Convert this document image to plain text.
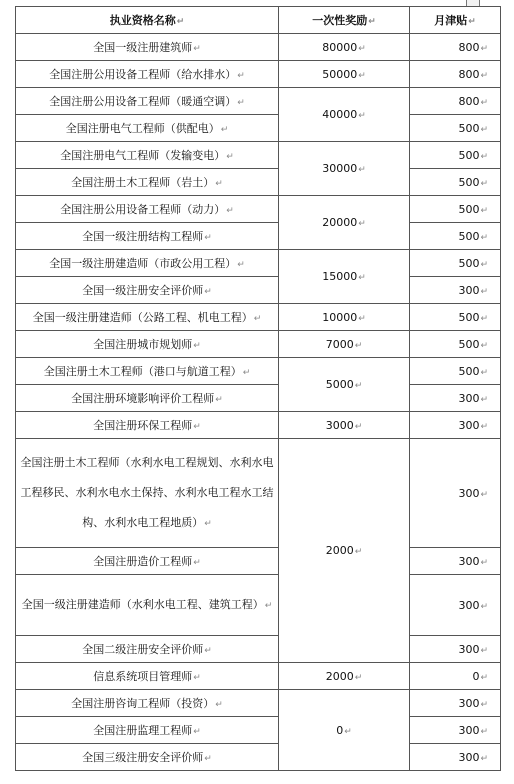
执业资格名称↵	一次性奖励↵	月津贴↵
全国一级注册建筑师↵	80000↵	800↵
全国注册公用设备工程师（给水排水）↵	50000↵	800↵
全国注册公用设备工程师（暖通空调）↵	40000↵	800↵
全国注册电气工程师（供配电）↵		500↵
全国注册电气工程师（发输变电）↵	30000↵	500↵
全国注册土木工程师（岩土）↵		500↵
全国注册公用设备工程师（动力）↵	20000↵	500↵
全国一级注册结构工程师↵		500↵
全国一级注册建造师（市政公用工程）↵	15000↵	500↵
全国一级注册安全评价师↵		300↵
全国一级注册建造师（公路工程、机电工程）↵	10000↵	500↵
全国注册城市规划师↵	7000↵	500↵
全国注册土木工程师（港口与航道工程）↵	5000↵	500↵
全国注册环境影响评价工程师↵		300↵
全国注册环保工程师↵	3000↵	300↵
全国注册土木工程师（水利水电工程规划、水利水电工程移民、水利水电水土保持、水利水电工程水工结构、水利水电工程地质）↵	2000↵	300↵
全国注册造价工程师↵		300↵
全国一级注册建造师（水利水电工程、建筑工程）↵		300↵
全国二级注册安全评价师↵		300↵
信息系统项目管理师↵	2000↵	0↵
全国注册咨询工程师（投资）↵	0↵	300↵
全国注册监理工程师↵		300↵
全国三级注册安全评价师↵		300↵
